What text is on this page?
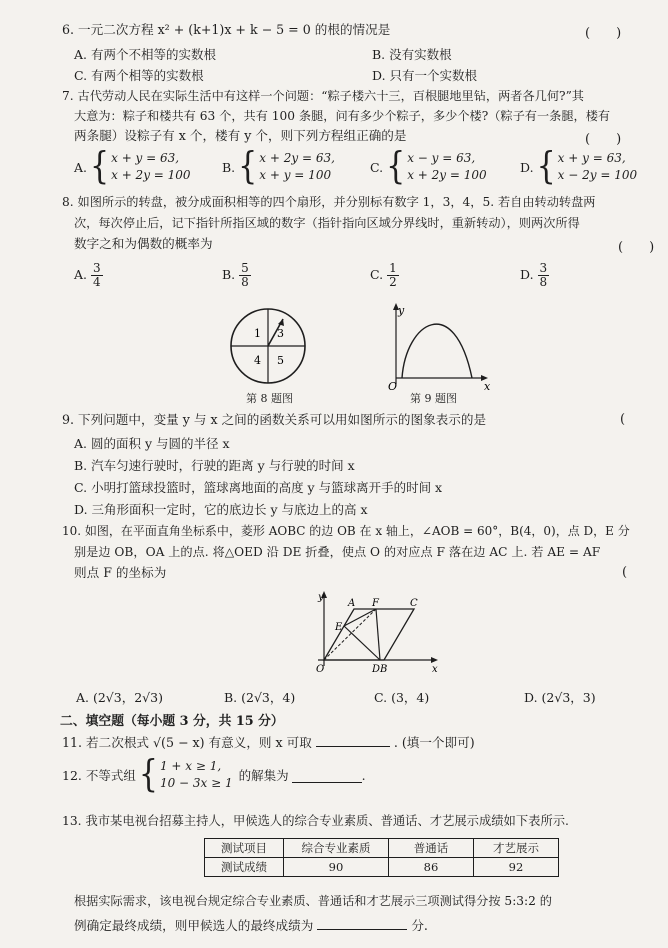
6. 一元二次方程 x² + (k+1)x + k − 5 = 0 的根的情况是	(　　)
A. 有两个不相等的实数根	B. 没有实数根
C. 有两个相等的实数根	D. 只有一个实数根
7. 古代劳动人民在实际生活中有这样一个问题：“粽子楼六十三，百根腿地里钻，两者各几何?”其
大意为：粽子和楼共有 63 个，共有 100 条腿，问有多少个粽子，多少个楼?（粽子有一条腿，楼有
两条腿）设粽子有 x 个，楼有 y 个，则下列方程组正确的是	(　　)
A. { x + y = 63,
x + 2y = 100
B. { x + 2y = 63,
x + y = 100
C. { x − y = 63,
x + 2y = 100
D. { x + y = 63,
x − 2y = 100
8. 如图所示的转盘，被分成面积相等的四个扇形，并分别标有数字 1，3，4，5. 若自由转动转盘两
次，每次停止后，记下指针所指区域的数字（指针指向区域分界线时，重新转动），则两次所得
数字之和为偶数的概率为	(　　)
A. $\frac{3}{4}$	B. $\frac{5}{8}$	C. $\frac{1}{2}$	D. $\frac{3}{8}$
1 3
4 5
第 8 题图
y
x
O
第 9 题图
9. 下列问题中，变量 y 与 x 之间的函数关系可以用如图所示的图象表示的是	(
A. 圆的面积 y 与圆的半径 x
B. 汽车匀速行驶时，行驶的距离 y 与行驶的时间 x
C. 小明打篮球投篮时，篮球离地面的高度 y 与篮球离开手的时间 x
D. 三角形面积一定时，它的底边长 y 与底边上的高 x
10. 如图，在平面直角坐标系中，菱形 AOBC 的边 OB 在 x 轴上，∠AOB = 60°，B(4，0)，点 D，E 分
别是边 OB，OA 上的点. 将△OED 沿 DE 折叠，使点 O 的对应点 F 落在边 AC 上. 若 AE = AF
则点 F 的坐标为	(
y
x
A F	C
E
O	DB
A. (2√3，2√3)	B. (2√3，4)	C. (3，4)	D. (2√3，3)
二、填空题（每小题 3 分，共 15 分）
11. 若二次根式 √(5 − x) 有意义，则 x 可取	. (填一个即可)
12. 不等式组 { 1 + x ≥ 1,
10 − 3x ≥ 1 的解集为	.
13. 我市某电视台招募主持人，甲候选人的综合专业素质、普通话、才艺展示成绩如下表所示.
测试项目	综合专业素质	普通话	才艺展示
测试成绩	90	86	92
根据实际需求，该电视台规定综合专业素质、普通话和才艺展示三项测试得分按 5:3:2 的
例确定最终成绩，则甲候选人的最终成绩为	分.
